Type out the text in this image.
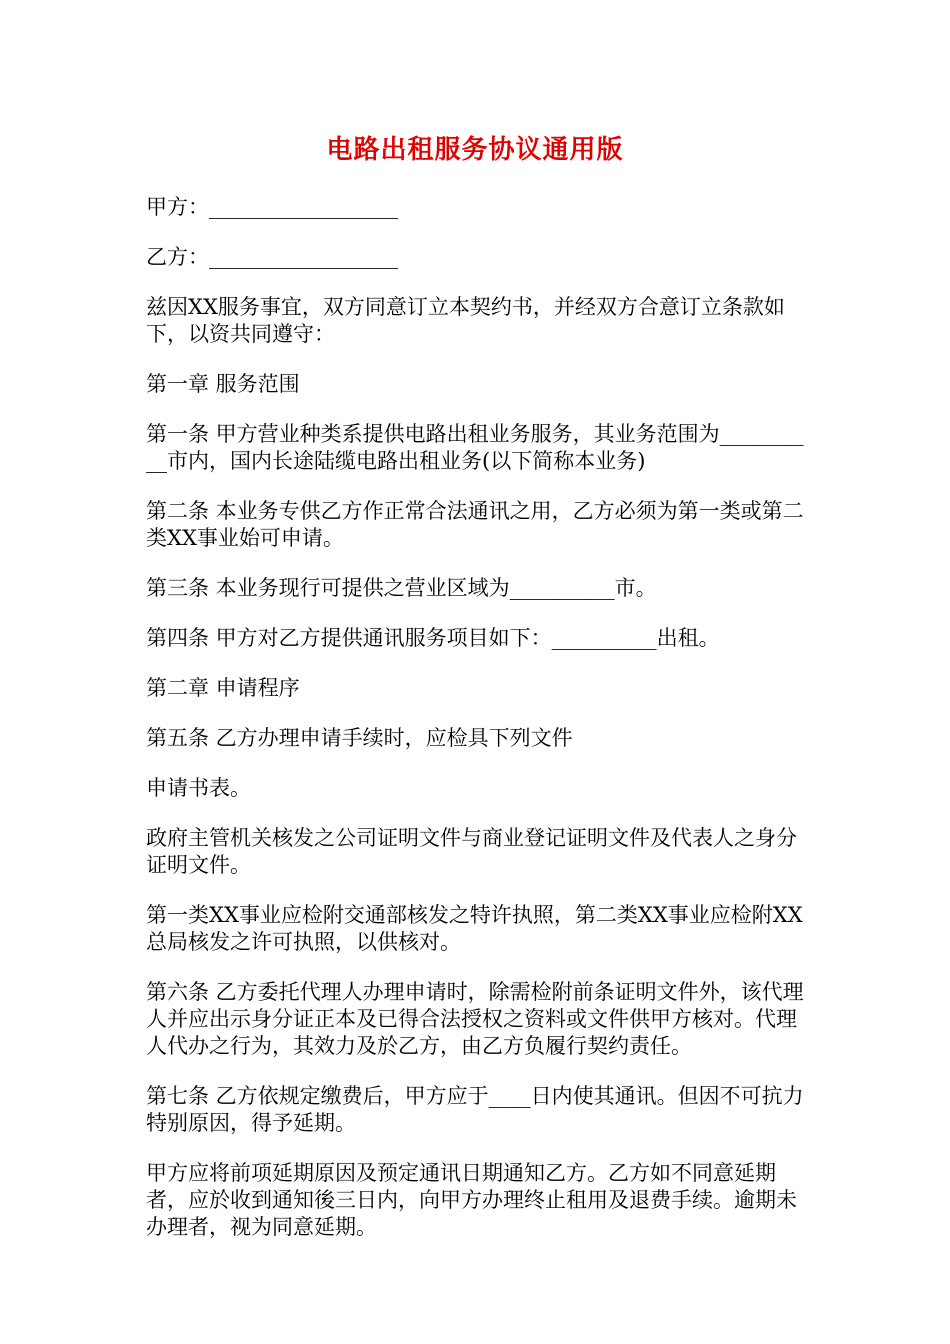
电路出租服务协议通用版

甲方：__________________

乙方：__________________

兹因XX服务事宜，双方同意订立本契约书，并经双方合意订立条款如下，以资共同遵守：

第一章 服务范围

第一条 甲方营业种类系提供电路出租业务服务，其业务范围为__________市内，国内长途陆缆电路出租业务(以下简称本业务)

第二条 本业务专供乙方作正常合法通讯之用，乙方必须为第一类或第二类XX事业始可申请。

第三条 本业务现行可提供之营业区域为__________市。

第四条 甲方对乙方提供通讯服务项目如下：__________出租。

第二章 申请程序

第五条 乙方办理申请手续时，应检具下列文件

申请书表。

政府主管机关核发之公司证明文件与商业登记证明文件及代表人之身分证明文件。

第一类XX事业应检附交通部核发之特许执照，第二类XX事业应检附XX总局核发之许可执照，以供核对。

第六条 乙方委托代理人办理申请时，除需检附前条证明文件外，该代理人并应出示身分证正本及已得合法授权之资料或文件供甲方核对。代理人代办之行为，其效力及於乙方，由乙方负履行契约责任。

第七条 乙方依规定缴费后，甲方应于____日内使其通讯。但因不可抗力特别原因，得予延期。

甲方应将前项延期原因及预定通讯日期通知乙方。乙方如不同意延期者，应於收到通知後三日内，向甲方办理终止租用及退费手续。逾期未办理者，视为同意延期。
